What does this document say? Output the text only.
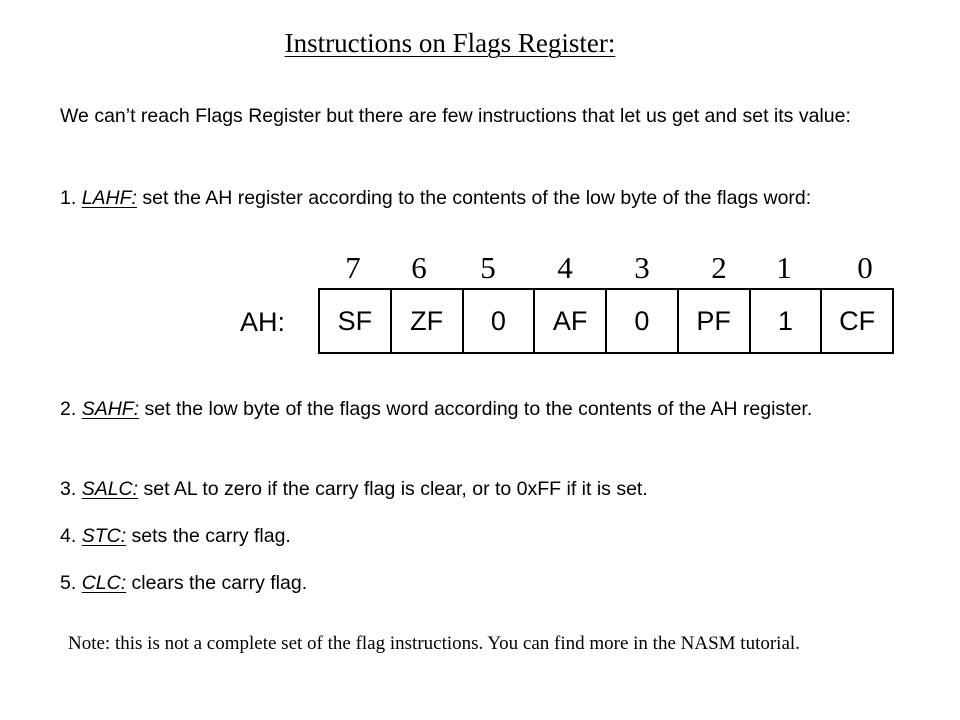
Instructions on Flags Register:

We can’t reach Flags Register but there are few instructions that let us get and set its value:

1. LAHF: set the AH register according to the contents of the low byte of the flags word:

7	6	5	4	3	2	1	0
AH:	SF	ZF	0	AF	0	PF	1	CF

2. SAHF: set the low byte of the flags word according to the contents of the AH register.

3. SALC: set AL to zero if the carry flag is clear, or to 0xFF if it is set.

4. STC: sets the carry flag.

5. CLC: clears the carry flag.

Note: this is not a complete set of the flag instructions. You can find more in the NASM tutorial.
